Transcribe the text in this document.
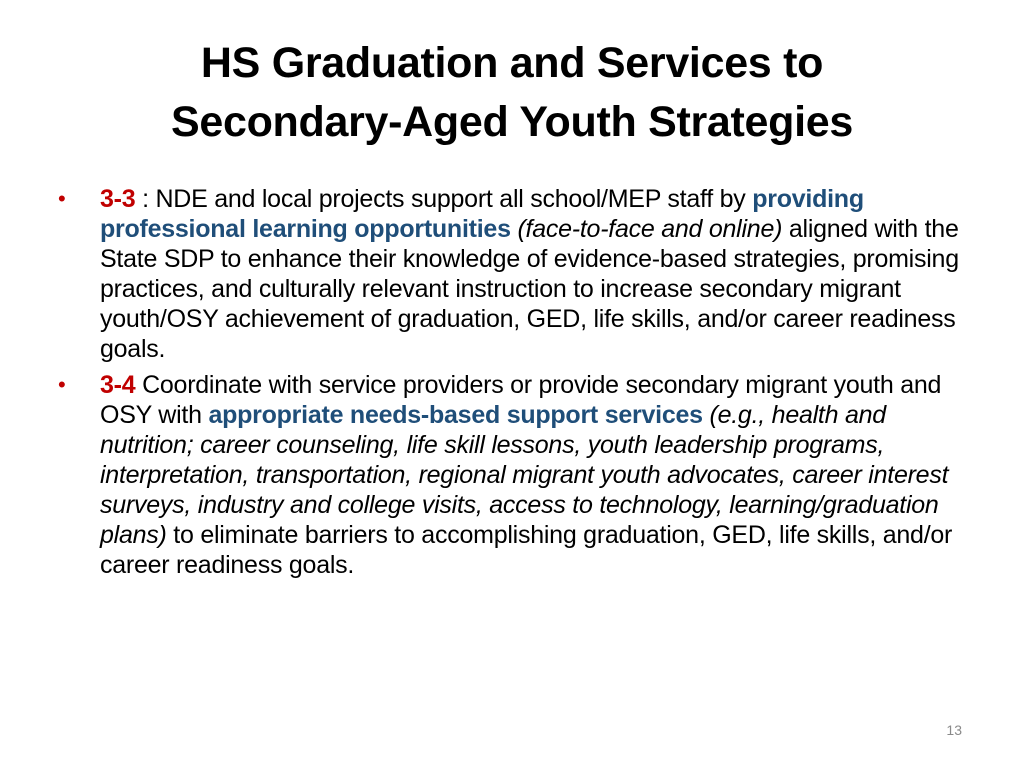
HS Graduation and Services to
Secondary-Aged Youth Strategies
• 3-3 : NDE and local projects support all school/MEP staff by providing professional learning opportunities (face-to-face and online) aligned with the State SDP to enhance their knowledge of evidence-based strategies, promising practices, and culturally relevant instruction to increase secondary migrant youth/OSY achievement of graduation, GED, life skills, and/or career readiness goals.
• 3-4 Coordinate with service providers or provide secondary migrant youth and OSY with appropriate needs-based support services (e.g., health and nutrition; career counseling, life skill lessons, youth leadership programs, interpretation, transportation, regional migrant youth advocates, career interest surveys, industry and college visits, access to technology, learning/graduation plans) to eliminate barriers to accomplishing graduation, GED, life skills, and/or career readiness goals.
13
